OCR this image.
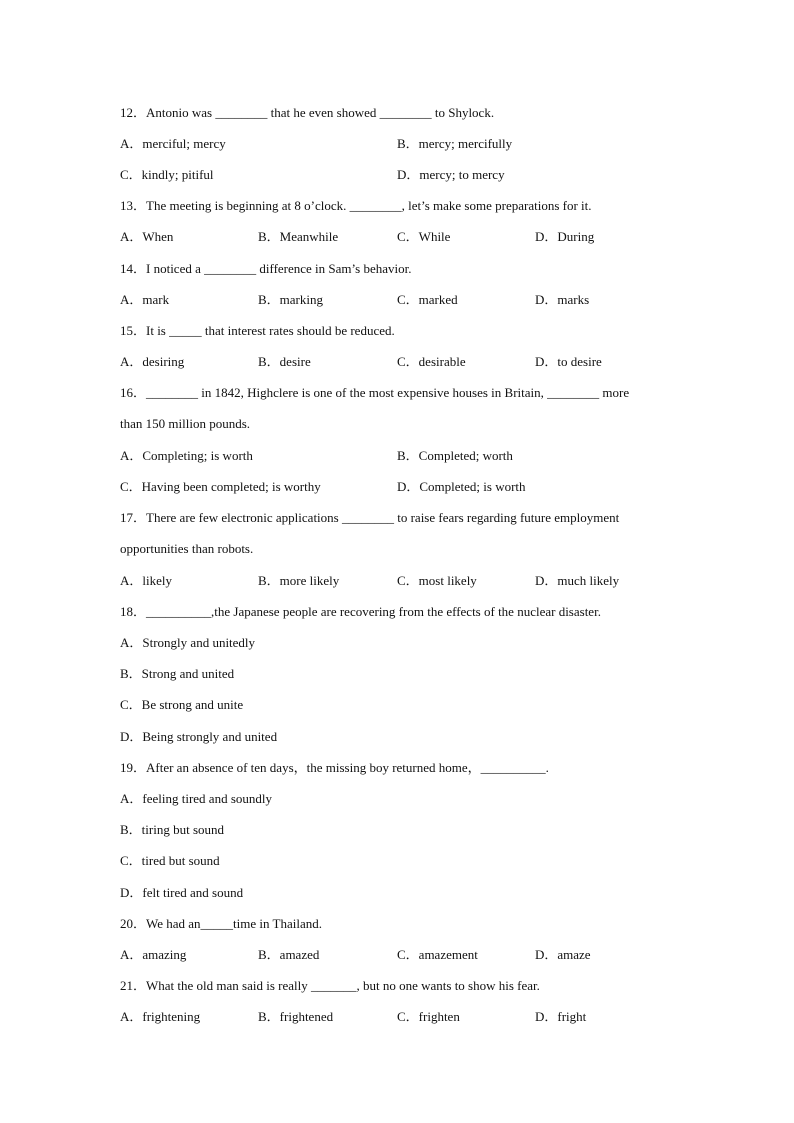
12．Antonio was ________ that he even showed ________ to Shylock.
A．merciful; mercy	B．mercy; mercifully
C．kindly; pitiful	D．mercy; to mercy
13．The meeting is beginning at 8 o’clock. ________, let’s make some preparations for it.
A．When	B．Meanwhile	C．While	D．During
14．I noticed a ________ difference in Sam’s behavior.
A．mark	B．marking	C．marked	D．marks
15．It is _____ that interest rates should be reduced.
A．desiring	B．desire	C．desirable	D．to desire
16．________ in 1842, Highclere is one of the most expensive houses in Britain, ________ more
than 150 million pounds.
A．Completing; is worth	B．Completed; worth
C．Having been completed; is worthy	D．Completed; is worth
17．There are few electronic applications ________ to raise fears regarding future employment
opportunities than robots.
A．likely	B．more likely	C．most likely	D．much likely
18．__________,the Japanese people are recovering from the effects of the nuclear disaster.
A．Strongly and unitedly
B．Strong and united
C．Be strong and unite
D．Being strongly and united
19．After an absence of ten days，the missing boy returned home，__________.
A．feeling tired and soundly
B．tiring but sound
C．tired but sound
D．felt tired and sound
20．We had an_____time in Thailand.
A．amazing	B．amazed	C．amazement	D．amaze
21．What the old man said is really _______, but no one wants to show his fear.
A．frightening	B．frightened	C．frighten	D．fright
